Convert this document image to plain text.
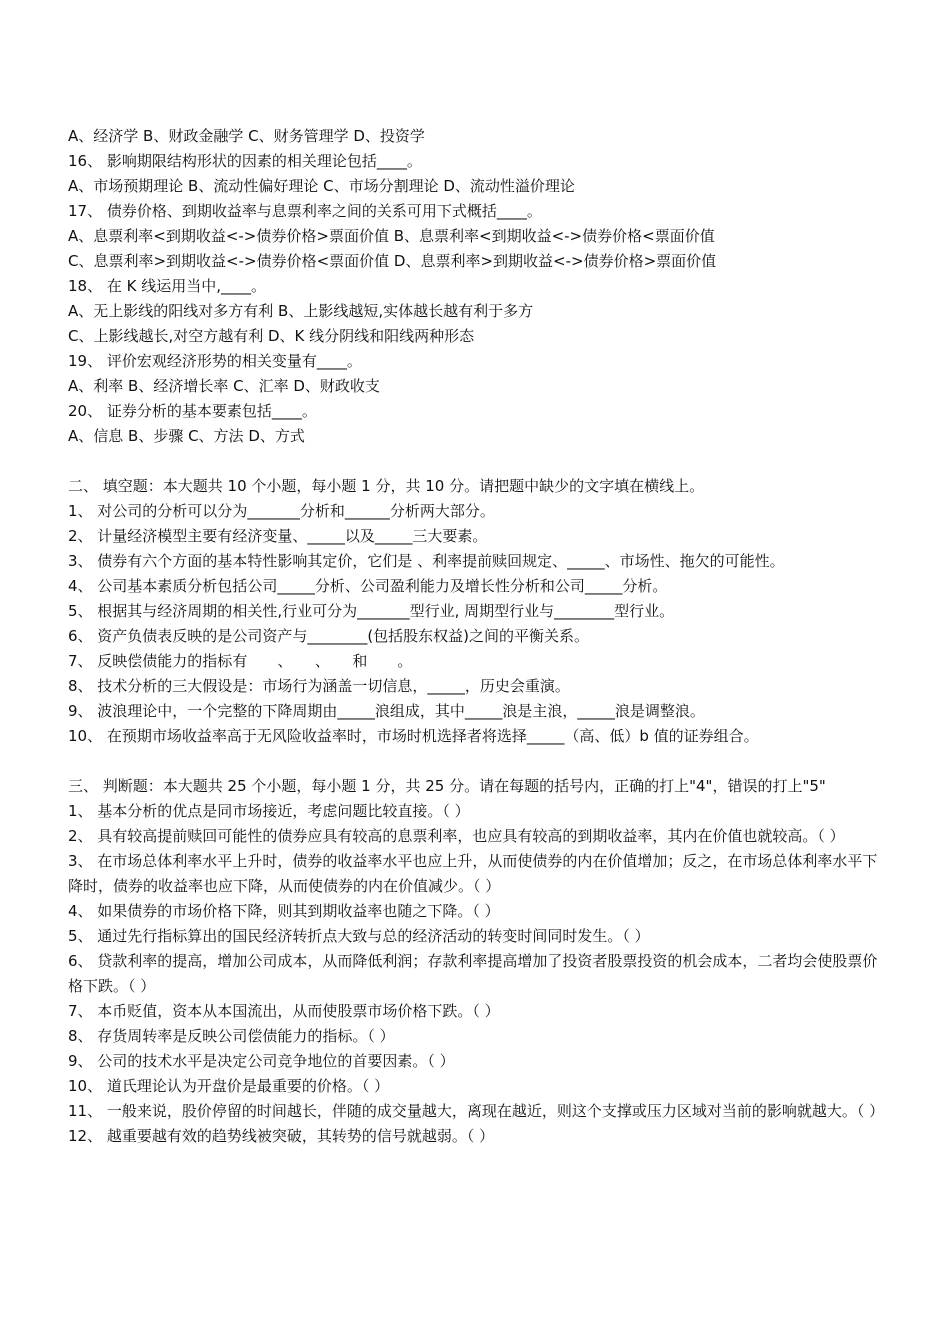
A、经济学 B、财政金融学 C、财务管理学 D、投资学
16、 影响期限结构形状的因素的相关理论包括____。
A、市场预期理论 B、流动性偏好理论 C、市场分割理论 D、流动性溢价理论
17、 债券价格、到期收益率与息票利率之间的关系可用下式概括____。
A、息票利率<到期收益<->债券价格>票面价值 B、息票利率<到期收益<->债券价格<票面价值
C、息票利率>到期收益<->债券价格<票面价值 D、息票利率>到期收益<->债券价格>票面价值
18、 在 K 线运用当中,____。
A、无上影线的阳线对多方有利 B、上影线越短,实体越长越有利于多方
C、上影线越长,对空方越有利 D、K 线分阴线和阳线两种形态
19、 评价宏观经济形势的相关变量有____。
A、利率 B、经济增长率 C、汇率 D、财政收支
20、 证券分析的基本要素包括____。
A、信息 B、步骤 C、方法 D、方式
二、 填空题：本大题共 10 个小题，每小题 1 分，共 10 分。请把题中缺少的文字填在横线上。
1、 对公司的分析可以分为_______分析和______分析两大部分。
2、 计量经济模型主要有经济变量、_____以及_____三大要素。
3、 债券有六个方面的基本特性影响其定价，它们是 、利率提前赎回规定、_____、市场性、拖欠的可能性。
4、 公司基本素质分析包括公司_____分析、公司盈利能力及增长性分析和公司_____分析。
5、 根据其与经济周期的相关性,行业可分为_______型行业, 周期型行业与________型行业。
6、 资产负债表反映的是公司资产与________(包括股东权益)之间的平衡关系。
7、 反映偿债能力的指标有　　、　　、　　和　　。
8、 技术分析的三大假设是：市场行为涵盖一切信息，_____，历史会重演。
9、 波浪理论中，一个完整的下降周期由_____浪组成，其中_____浪是主浪，_____浪是调整浪。
10、 在预期市场收益率高于无风险收益率时，市场时机选择者将选择_____（高、低）b 值的证券组合。
三、 判断题：本大题共 25 个小题，每小题 1 分，共 25 分。请在每题的括号内，正确的打上"4"，错误的打上"5"
1、 基本分析的优点是同市场接近，考虑问题比较直接。（ ）
2、 具有较高提前赎回可能性的债券应具有较高的息票利率，也应具有较高的到期收益率，其内在价值也就较高。（ ）
3、 在市场总体利率水平上升时，债券的收益率水平也应上升，从而使债券的内在价值增加；反之，在市场总体利率水平下降时，债券的收益率也应下降，从而使债券的内在价值减少。（ ）
4、 如果债券的市场价格下降，则其到期收益率也随之下降。（ ）
5、 通过先行指标算出的国民经济转折点大致与总的经济活动的转变时间同时发生。（ ）
6、 贷款利率的提高，增加公司成本，从而降低利润；存款利率提高增加了投资者股票投资的机会成本，二者均会使股票价格下跌。（ ）
7、 本币贬值，资本从本国流出，从而使股票市场价格下跌。（ ）
8、 存货周转率是反映公司偿债能力的指标。（ ）
9、 公司的技术水平是决定公司竞争地位的首要因素。（ ）
10、 道氏理论认为开盘价是最重要的价格。（ ）
11、 一般来说，股价停留的时间越长，伴随的成交量越大，离现在越近，则这个支撑或压力区域对当前的影响就越大。（ ）
12、 越重要越有效的趋势线被突破，其转势的信号就越弱。（ ）
